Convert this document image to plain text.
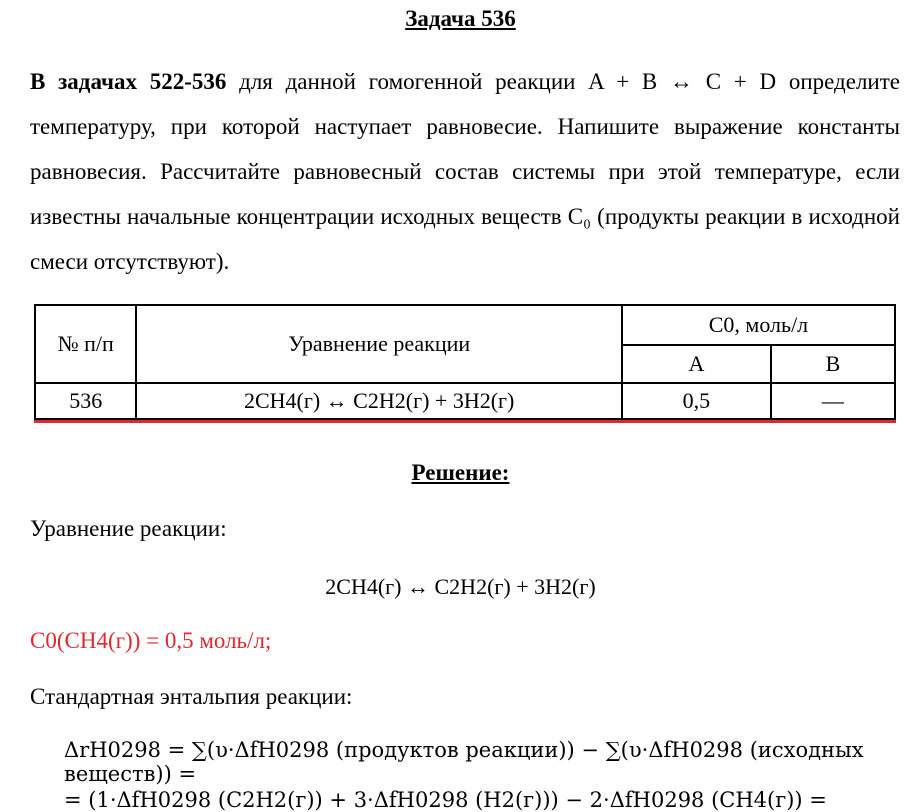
Задача 536
В задачах 522-536 для данной гомогенной реакции A + B ↔ C + D определите температуру, при которой наступает равновесие. Напишите выражение константы равновесия. Рассчитайте равновесный состав системы при этой температуре, если известны начальные концентрации исходных веществ C₀ (продукты реакции в исходной смеси отсутствуют).
№ п/п	Уравнение реакции	C0, моль/л	
		A	B
536	2CH4(г) ↔ C2H2(г) + 3H2(г)	0,5	—
Решение:
Уравнение реакции:
2CH4(г) ↔ C2H2(г) + 3H2(г)
C0(CH4(г)) = 0,5 моль/л;
Стандартная энтальпия реакции:
ΔrH0298 = ∑(υ·ΔfH0298 (продуктов реакции)) − ∑(υ·ΔfH0298 (исходных веществ)) =
= (1·ΔfH0298 (C2H2(г)) + 3·ΔfH0298 (H2(г))) − 2·ΔfH0298 (CH4(г)) =
